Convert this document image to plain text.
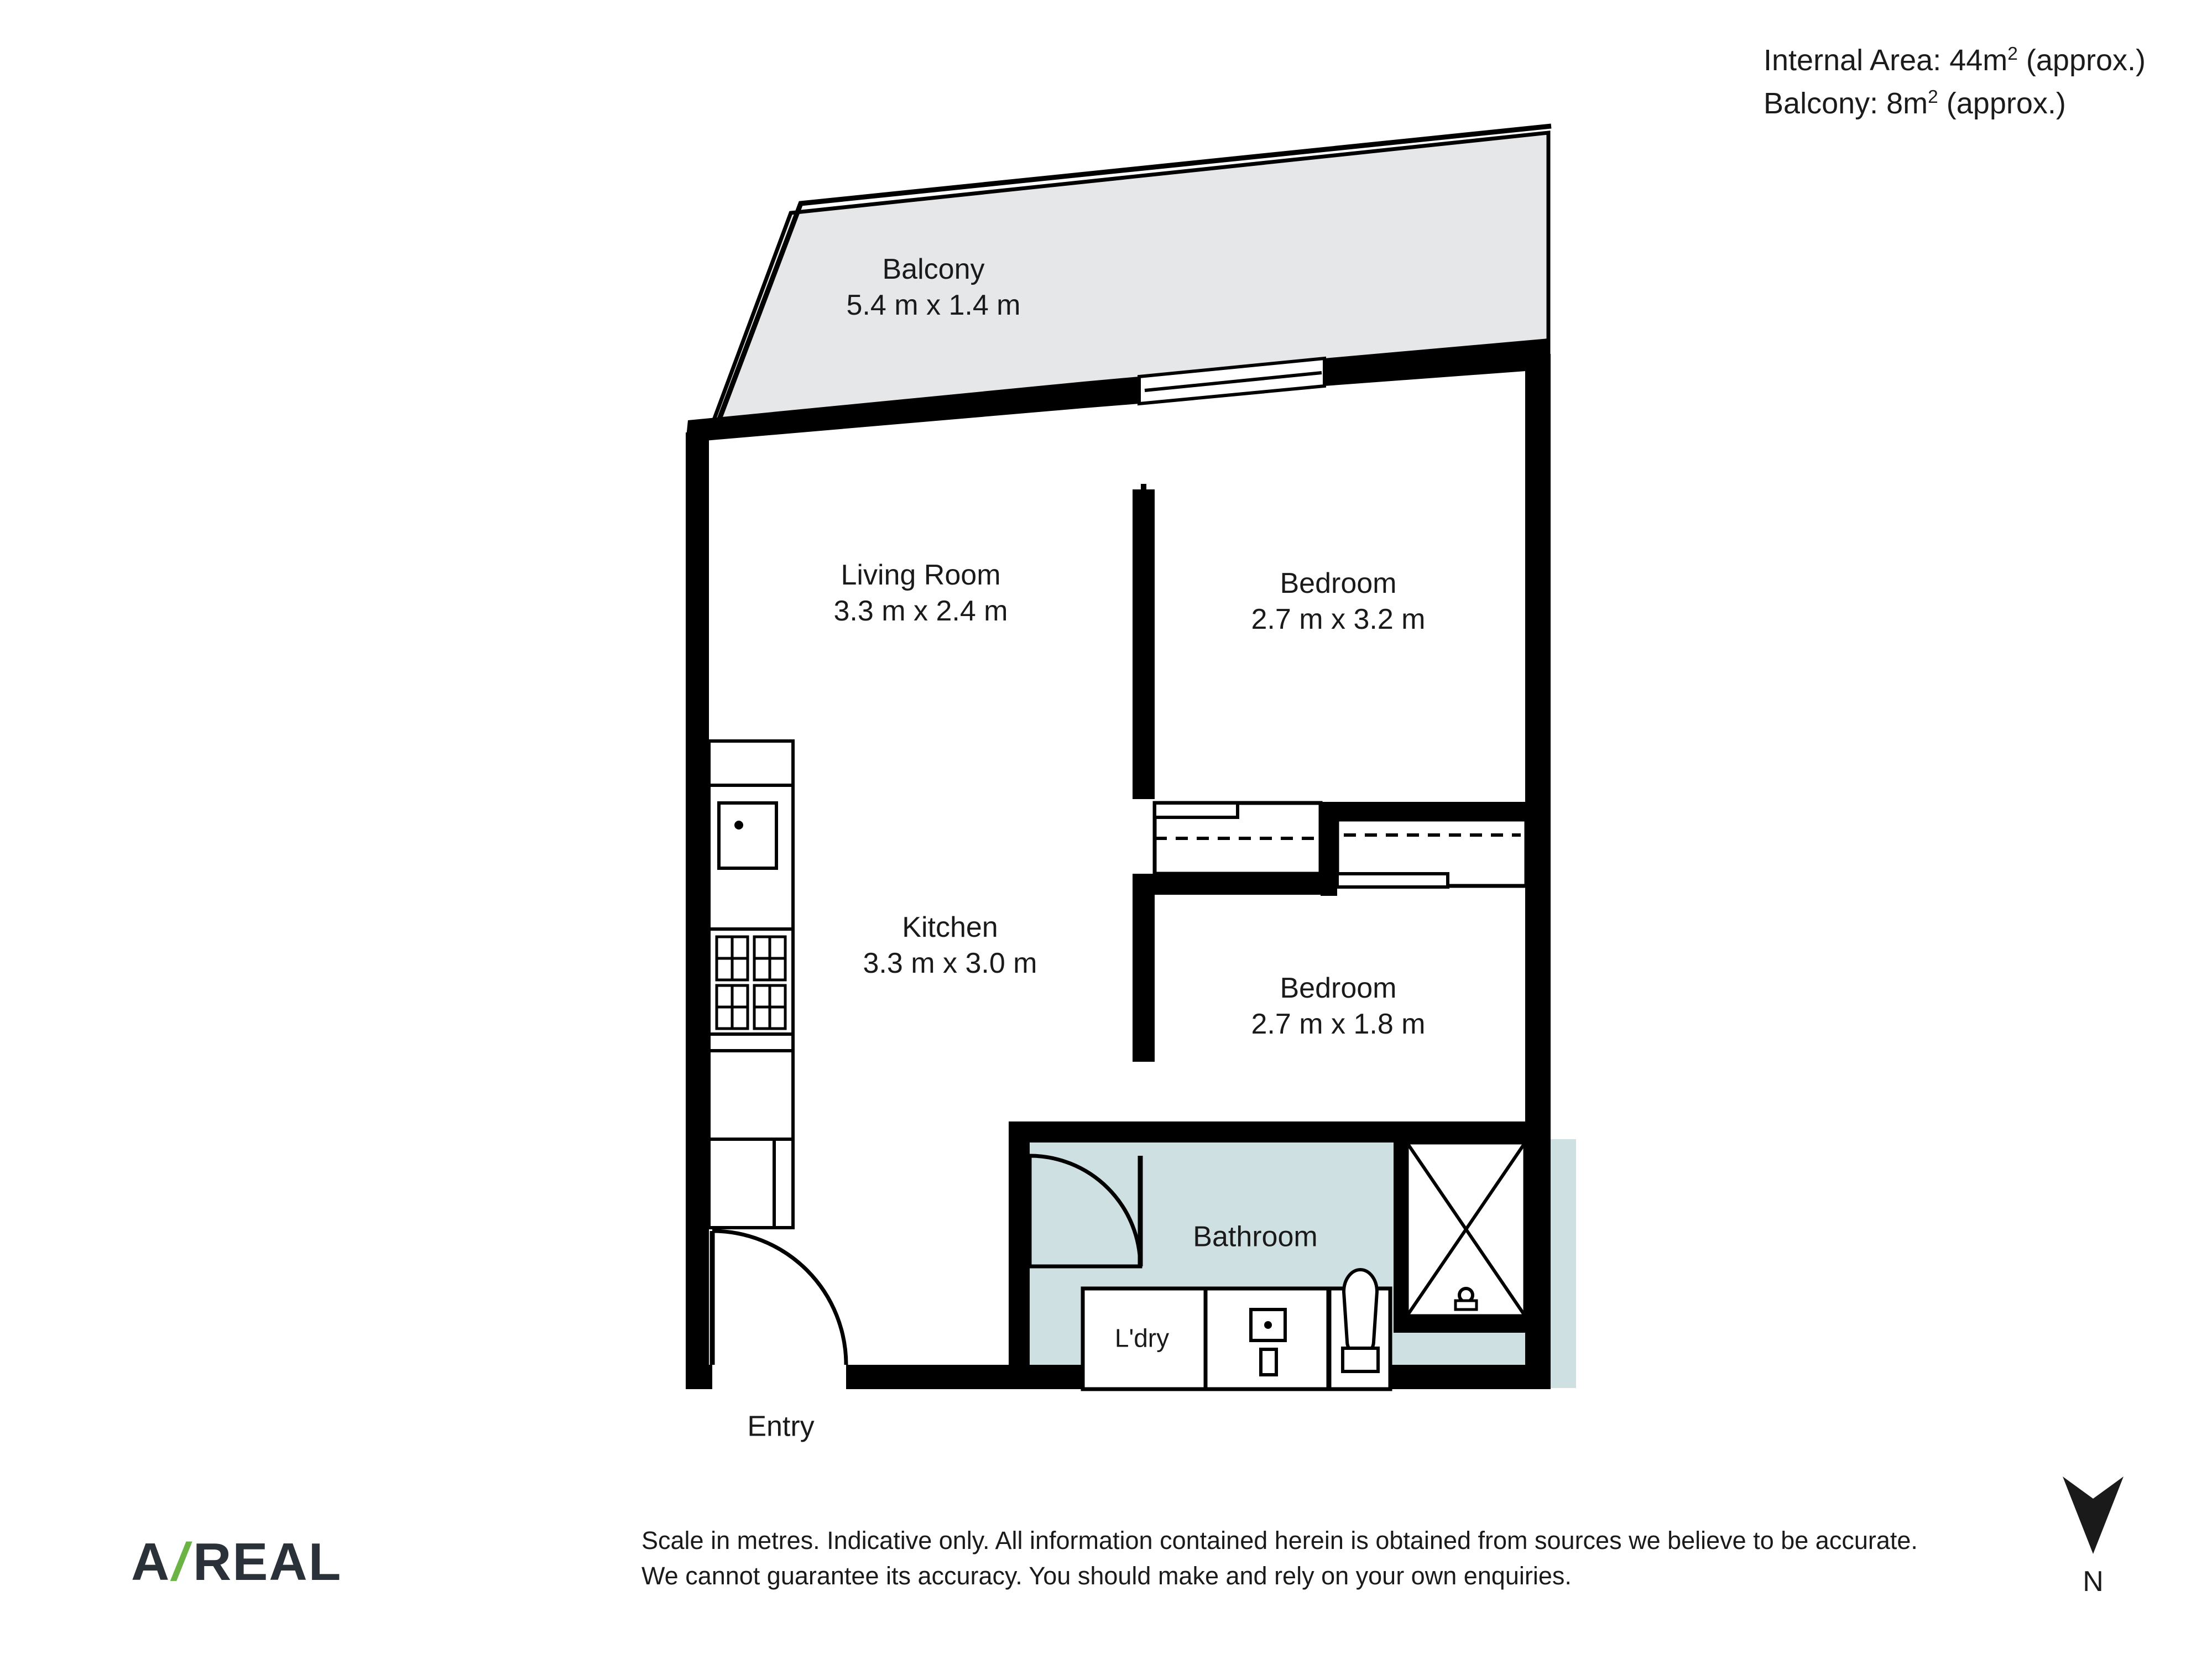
Internal Area: $44m^2$ (approx.)
Balcony: $8m^2$ (approx.)
Balcony
5.4 m x 1.4 m
Living Room
3.3 m x 2.4 m
Bedroom
2.7 m x 3.2 m
Kitchen
3.3 m x 3.0 m
Bedroom
2.7 m x 1.8 m
Bathroom
L'dry
Entry
A
/
REAL	Scale in metres. Indicative only. All information contained herein is obtained from sources we believe to be accurate. We cannot guarantee its accuracy. You should make and rely on your own enquiries.	N
